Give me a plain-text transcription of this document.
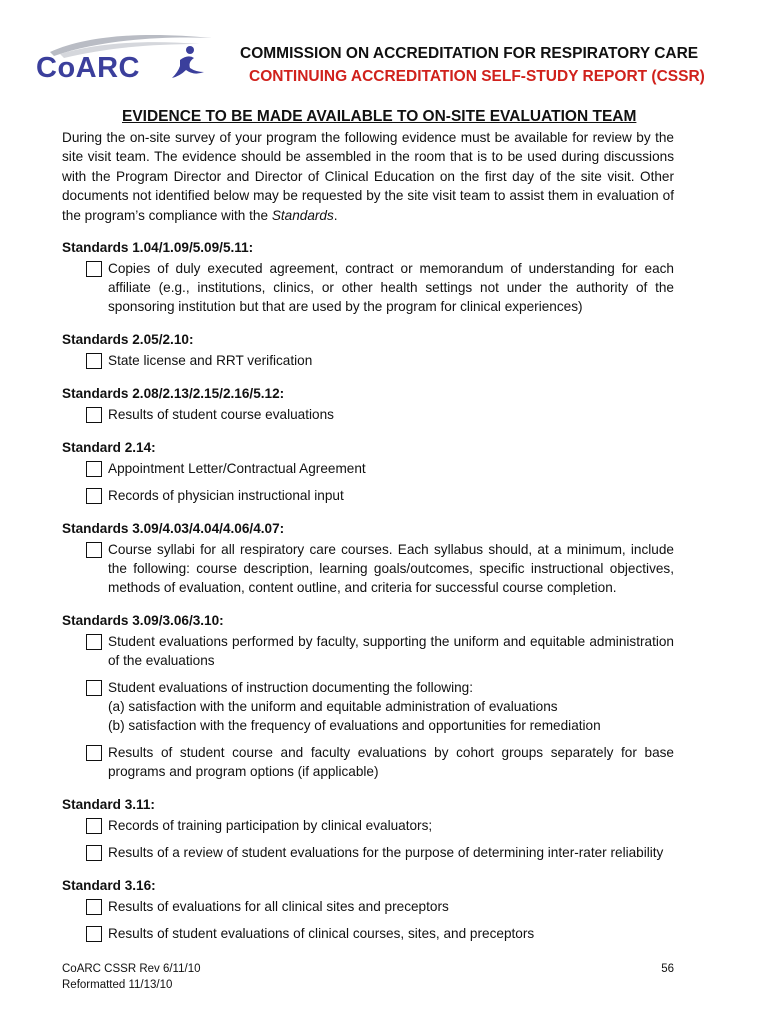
CoARC	COMMISSION ON ACCREDITATION FOR RESPIRATORY CARE
CONTINUING ACCREDITATION SELF-STUDY REPORT (CSSR)
EVIDENCE TO BE MADE AVAILABLE TO ON-SITE EVALUATION TEAM
During the on-site survey of your program the following evidence must be available for review by the site visit team. The evidence should be assembled in the room that is to be used during discussions with the Program Director and Director of Clinical Education on the first day of the site visit. Other documents not identified below may be requested by the site visit team to assist them in evaluation of the program’s compliance with the Standards.
Standards 1.04/1.09/5.09/5.11:
Copies of duly executed agreement, contract or memorandum of understanding for each affiliate (e.g., institutions, clinics, or other health settings not under the authority of the sponsoring institution but that are used by the program for clinical experiences)
Standards 2.05/2.10:
State license and RRT verification
Standards 2.08/2.13/2.15/2.16/5.12:
Results of student course evaluations
Standard 2.14:
Appointment Letter/Contractual Agreement
Records of physician instructional input
Standards 3.09/4.03/4.04/4.06/4.07:
Course syllabi for all respiratory care courses. Each syllabus should, at a minimum, include the following: course description, learning goals/outcomes, specific instructional objectives, methods of evaluation, content outline, and criteria for successful course completion.
Standards 3.09/3.06/3.10:
Student evaluations performed by faculty, supporting the uniform and equitable administration of the evaluations
Student evaluations of instruction documenting the following:
(a) satisfaction with the uniform and equitable administration of evaluations
(b) satisfaction with the frequency of evaluations and opportunities for remediation
Results of student course and faculty evaluations by cohort groups separately for base programs and program options (if applicable)
Standard 3.11:
Records of training participation by clinical evaluators;
Results of a review of student evaluations for the purpose of determining inter-rater reliability
Standard 3.16:
Results of evaluations for all clinical sites and preceptors
Results of student evaluations of clinical courses, sites, and preceptors
CoARC CSSR Rev 6/11/10
Reformatted 11/13/10
56
